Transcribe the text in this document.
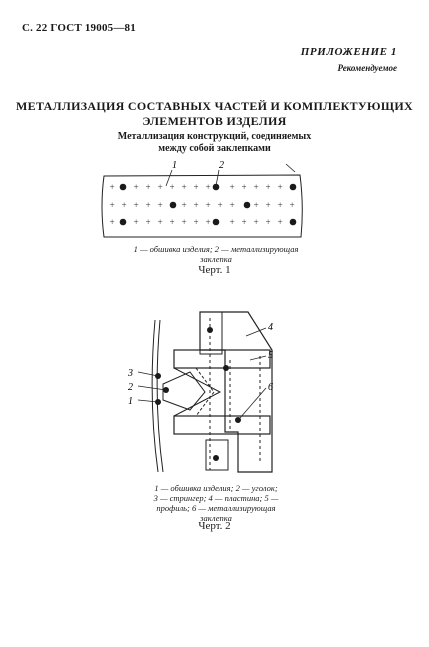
С. 22 ГОСТ 19005—81
ПРИЛОЖЕНИЕ 1
Рекомендуемое
МЕТАЛЛИЗАЦИЯ СОСТАВНЫХ ЧАСТЕЙ И КОМПЛЕКТУЮЩИХ
ЭЛЕМЕНТОВ ИЗДЕЛИЯ
Металлизация конструкций, соединяемых
между собой заклепками
+ + + + + + + + + + + + +
+ + + + + + + + + + + + + +
+ + + + + + + + + + + + +
1	2
1 — обшивка изделия; 2 — металлизирующая
заклепка
Черт. 1
4
5
6
3
2
1
1 — обшивка изделия; 2 — уголок;
3 — стрингер; 4 — пластина; 5 —
профиль; 6 — металлизирующая
заклепка
Черт. 2
